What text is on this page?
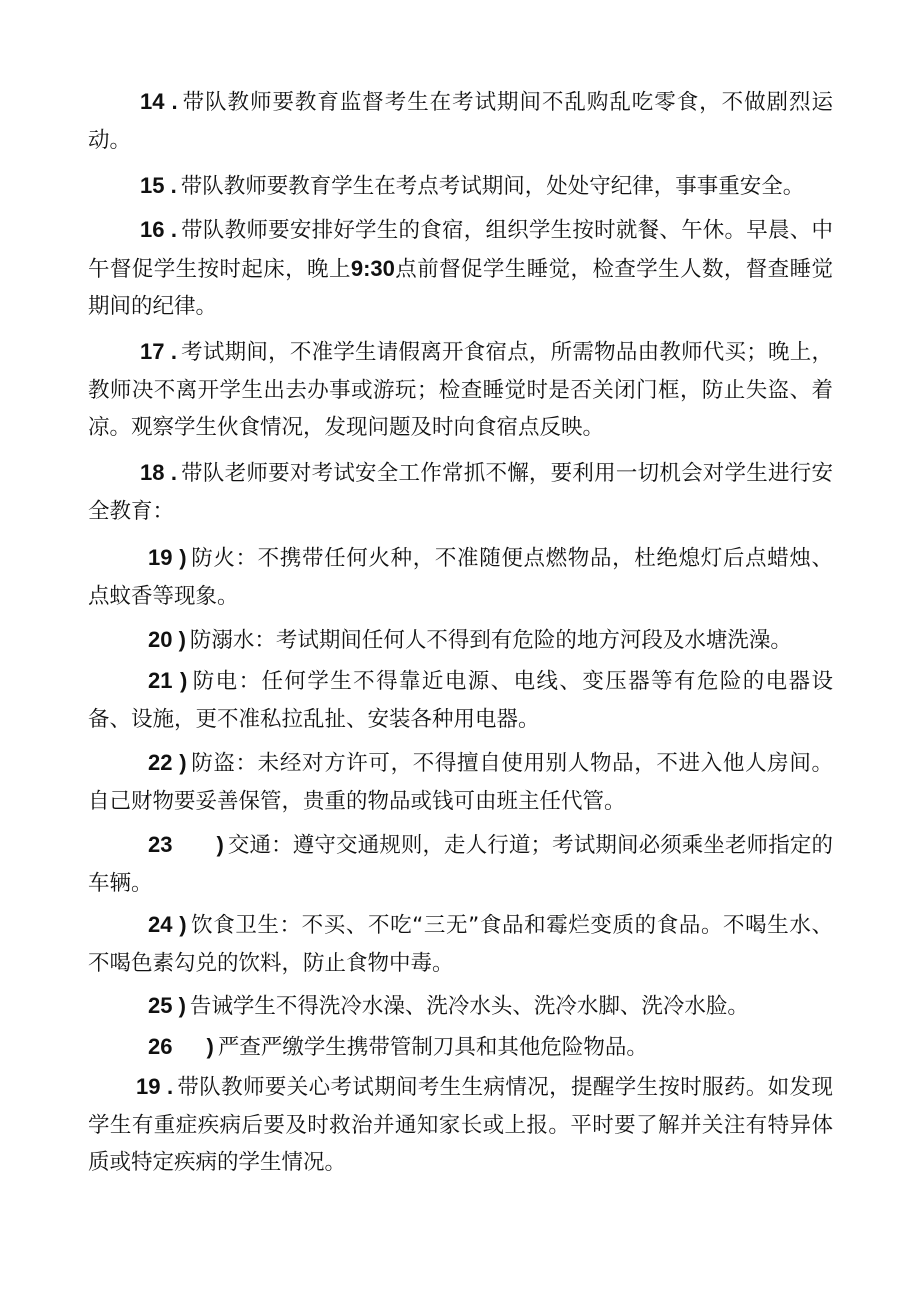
14 . 带队教师要教育监督考生在考试期间不乱购乱吃零食，不做剧烈运动。

15 . 带队教师要教育学生在考点考试期间，处处守纪律，事事重安全。

16 . 带队教师要安排好学生的食宿，组织学生按时就餐、午休。早晨、中午督促学生按时起床，晚上9:30点前督促学生睡觉，检查学生人数，督查睡觉期间的纪律。

17 . 考试期间，不准学生请假离开食宿点，所需物品由教师代买；晚上，教师决不离开学生出去办事或游玩；检查睡觉时是否关闭门框，防止失盗、着凉。观察学生伙食情况，发现问题及时向食宿点反映。

18 . 带队老师要对考试安全工作常抓不懈，要利用一切机会对学生进行安全教育：

19 ) 防火：不携带任何火种，不准随便点燃物品，杜绝熄灯后点蜡烛、点蚊香等现象。

20 ) 防溺水：考试期间任何人不得到有危险的地方河段及水塘洗澡。

21 ) 防电：任何学生不得靠近电源、电线、变压器等有危险的电器设备、设施，更不准私拉乱扯、安装各种用电器。

22 ) 防盗：未经对方许可，不得擅自使用别人物品，不进入他人房间。自己财物要妥善保管，贵重的物品或钱可由班主任代管。

23 ) 交通：遵守交通规则，走人行道；考试期间必须乘坐老师指定的车辆。

24 ) 饮食卫生：不买、不吃“三无”食品和霉烂变质的食品。不喝生水、不喝色素勾兑的饮料，防止食物中毒。

25 ) 告诫学生不得洗冷水澡、洗冷水头、洗冷水脚、洗冷水脸。

26 ) 严查严缴学生携带管制刀具和其他危险物品。

19 . 带队教师要关心考试期间考生生病情况，提醒学生按时服药。如发现学生有重症疾病后要及时救治并通知家长或上报。平时要了解并关注有特异体质或特定疾病的学生情况。
